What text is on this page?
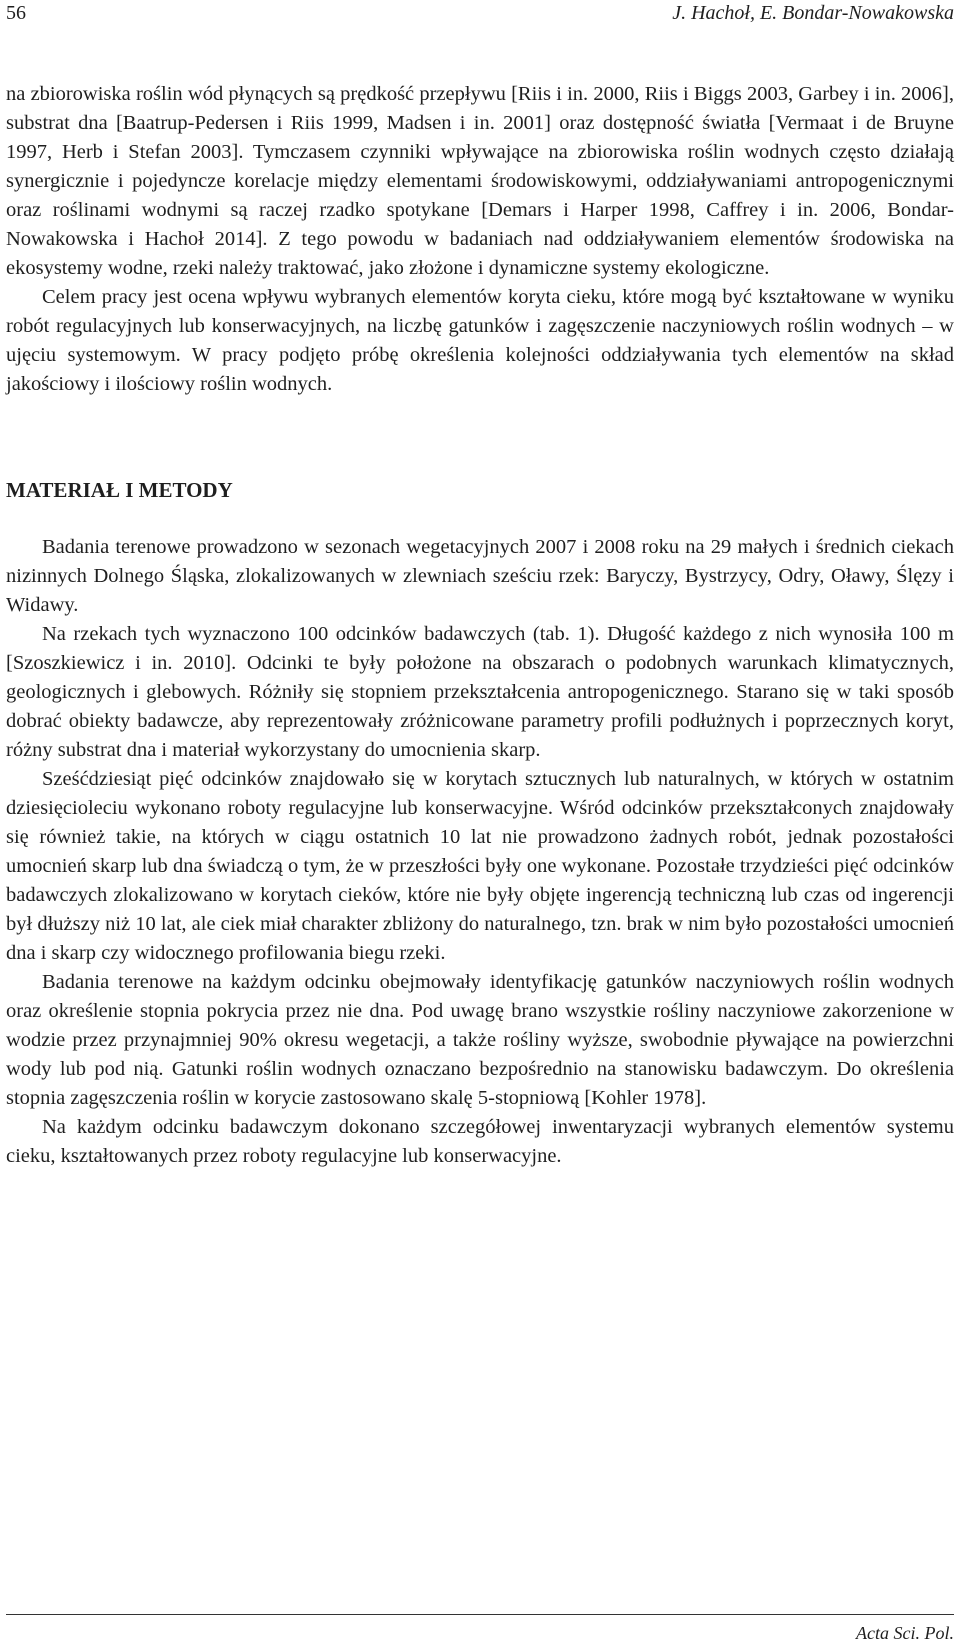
56	J. Hachoł, E. Bondar-Nowakowska

na zbiorowiska roślin wód płynących są prędkość przepływu [Riis i in. 2000, Riis i Biggs 2003, Garbey i in. 2006], substrat dna [Baatrup-Pedersen i Riis 1999, Madsen i in. 2001] oraz dostępność światła [Vermaat i de Bruyne 1997, Herb i Stefan 2003]. Tymczasem czynniki wpływające na zbiorowiska roślin wodnych często działają synergicznie i pojedyncze korelacje między elementami środowiskowymi, oddziaływaniami antropogenicznymi oraz roślinami wodnymi są raczej rzadko spotykane [Demars i Harper 1998, Caffrey i in. 2006, Bondar-Nowakowska i Hachoł 2014]. Z tego powodu w badaniach nad oddziaływaniem elementów środowiska na ekosystemy wodne, rzeki należy traktować, jako złożone i dynamiczne systemy ekologiczne.

Celem pracy jest ocena wpływu wybranych elementów koryta cieku, które mogą być kształtowane w wyniku robót regulacyjnych lub konserwacyjnych, na liczbę gatunków i zagęszczenie naczyniowych roślin wodnych – w ujęciu systemowym. W pracy podjęto próbę określenia kolejności oddziaływania tych elementów na skład jakościowy i ilościowy roślin wodnych.

MATERIAŁ I METODY

Badania terenowe prowadzono w sezonach wegetacyjnych 2007 i 2008 roku na 29 małych i średnich ciekach nizinnych Dolnego Śląska, zlokalizowanych w zlewniach sześciu rzek: Baryczy, Bystrzycy, Odry, Oławy, Ślęzy i Widawy.

Na rzekach tych wyznaczono 100 odcinków badawczych (tab. 1). Długość każdego z nich wynosiła 100 m [Szoszkiewicz i in. 2010]. Odcinki te były położone na obszarach o podobnych warunkach klimatycznych, geologicznych i glebowych. Różniły się stopniem przekształcenia antropogenicznego. Starano się w taki sposób dobrać obiekty badawcze, aby reprezentowały zróżnicowane parametry profili podłużnych i poprzecznych koryt, różny substrat dna i materiał wykorzystany do umocnienia skarp.

Sześćdziesiąt pięć odcinków znajdowało się w korytach sztucznych lub naturalnych, w których w ostatnim dziesięcioleciu wykonano roboty regulacyjne lub konserwacyjne. Wśród odcinków przekształconych znajdowały się również takie, na których w ciągu ostatnich 10 lat nie prowadzono żadnych robót, jednak pozostałości umocnień skarp lub dna świadczą o tym, że w przeszłości były one wykonane. Pozostałe trzydzieści pięć odcinków badawczych zlokalizowano w korytach cieków, które nie były objęte ingerencją techniczną lub czas od ingerencji był dłuższy niż 10 lat, ale ciek miał charakter zbliżony do naturalnego, tzn. brak w nim było pozostałości umocnień dna i skarp czy widocznego profilowania biegu rzeki.

Badania terenowe na każdym odcinku obejmowały identyfikację gatunków naczyniowych roślin wodnych oraz określenie stopnia pokrycia przez nie dna. Pod uwagę brano wszystkie rośliny naczyniowe zakorzenione w wodzie przez przynajmniej 90% okresu wegetacji, a także rośliny wyższe, swobodnie pływające na powierzchni wody lub pod nią. Gatunki roślin wodnych oznaczano bezpośrednio na stanowisku badawczym. Do określenia stopnia zagęszczenia roślin w korycie zastosowano skalę 5-stopniową [Kohler 1978].

Na każdym odcinku badawczym dokonano szczegółowej inwentaryzacji wybranych elementów systemu cieku, kształtowanych przez roboty regulacyjne lub konserwacyjne.

Acta Sci. Pol.
